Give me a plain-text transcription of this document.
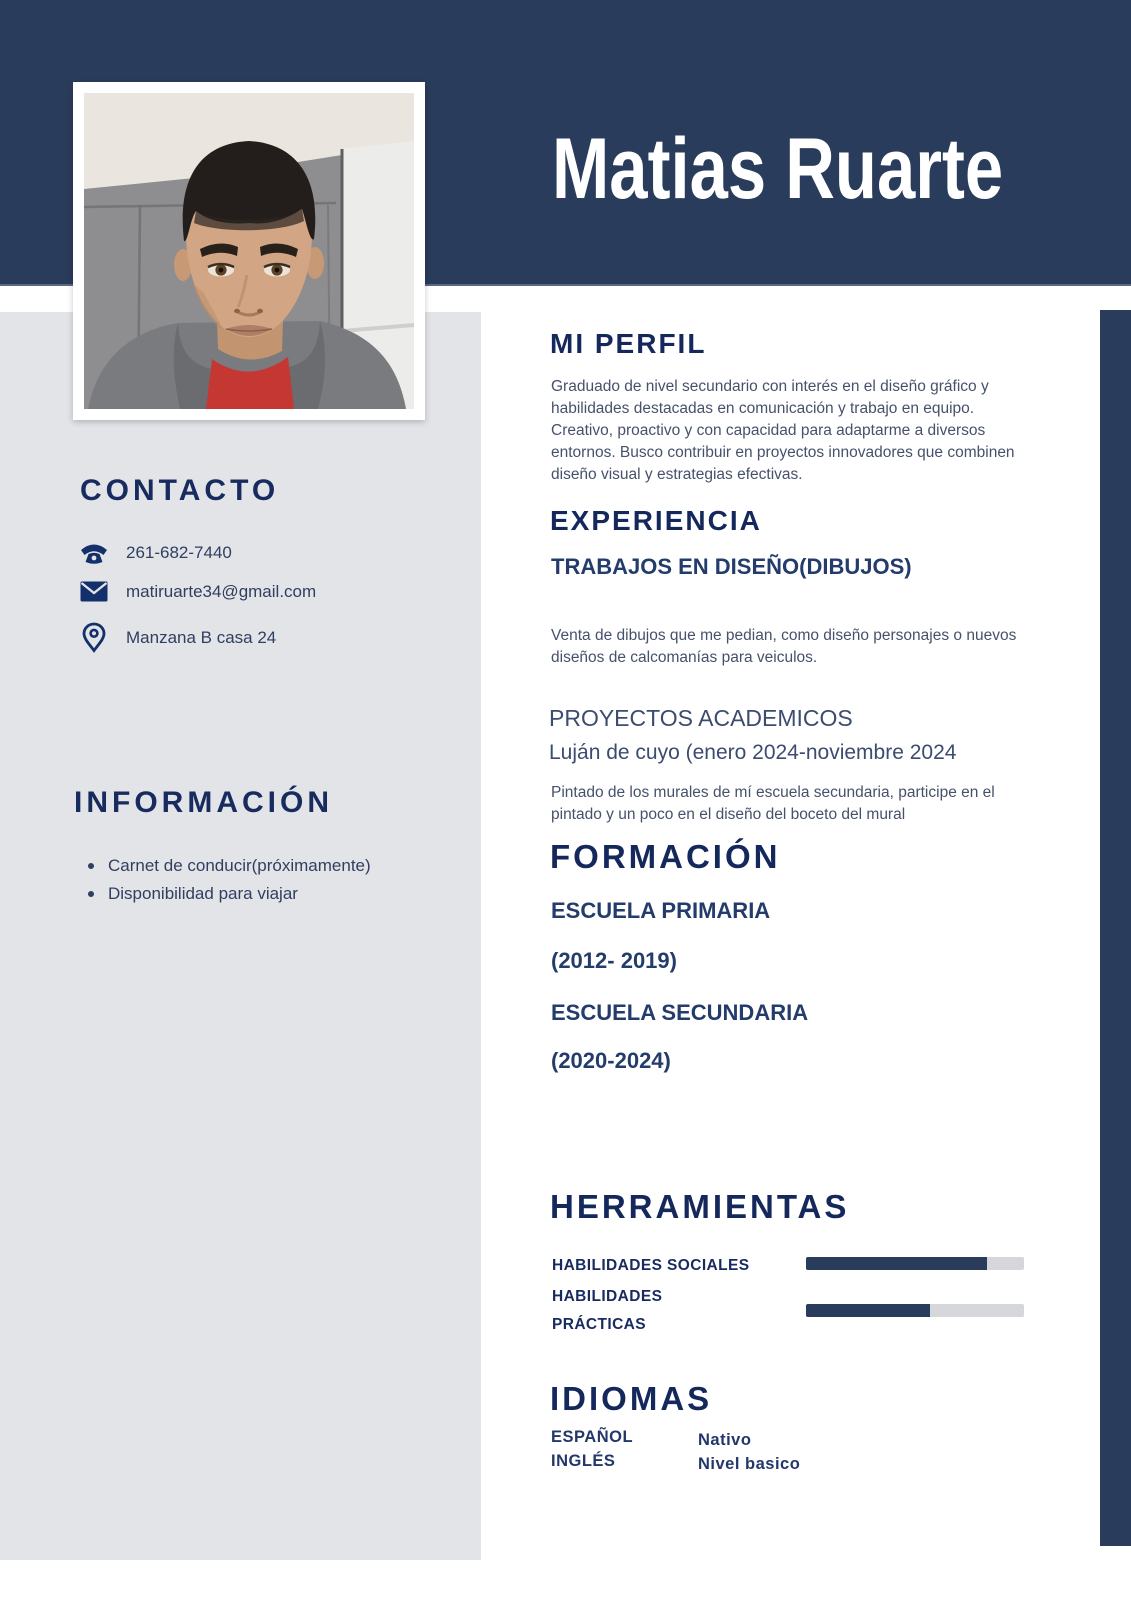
Matias Ruarte
CONTACTO
261-682-7440
matiruarte34@gmail.com
Manzana B casa 24
INFORMACIÓN
Carnet de conducir(próximamente)
Disponibilidad para viajar
MI PERFIL
Graduado de nivel secundario con interés en el diseño gráfico y habilidades destacadas en comunicación y trabajo en equipo. Creativo, proactivo y con capacidad para adaptarme a diversos entornos. Busco contribuir en proyectos innovadores que combinen diseño visual y estrategias efectivas.
EXPERIENCIA
TRABAJOS EN DISEÑO(DIBUJOS)
Venta de dibujos que me pedian, como diseño personajes o nuevos diseños de calcomanías para veiculos.
PROYECTOS ACADEMICOS
Luján de cuyo (enero 2024-noviembre 2024
Pintado de los murales de mí escuela secundaria, participe en el pintado y un poco en el diseño del boceto del mural
FORMACIÓN
ESCUELA PRIMARIA
(2012- 2019)
ESCUELA SECUNDARIA
(2020-2024)
HERRAMIENTAS
HABILIDADES SOCIALES
HABILIDADES
PRÁCTICAS
IDIOMAS
ESPAÑOL	Nativo
INGLÉS	Nivel basico
